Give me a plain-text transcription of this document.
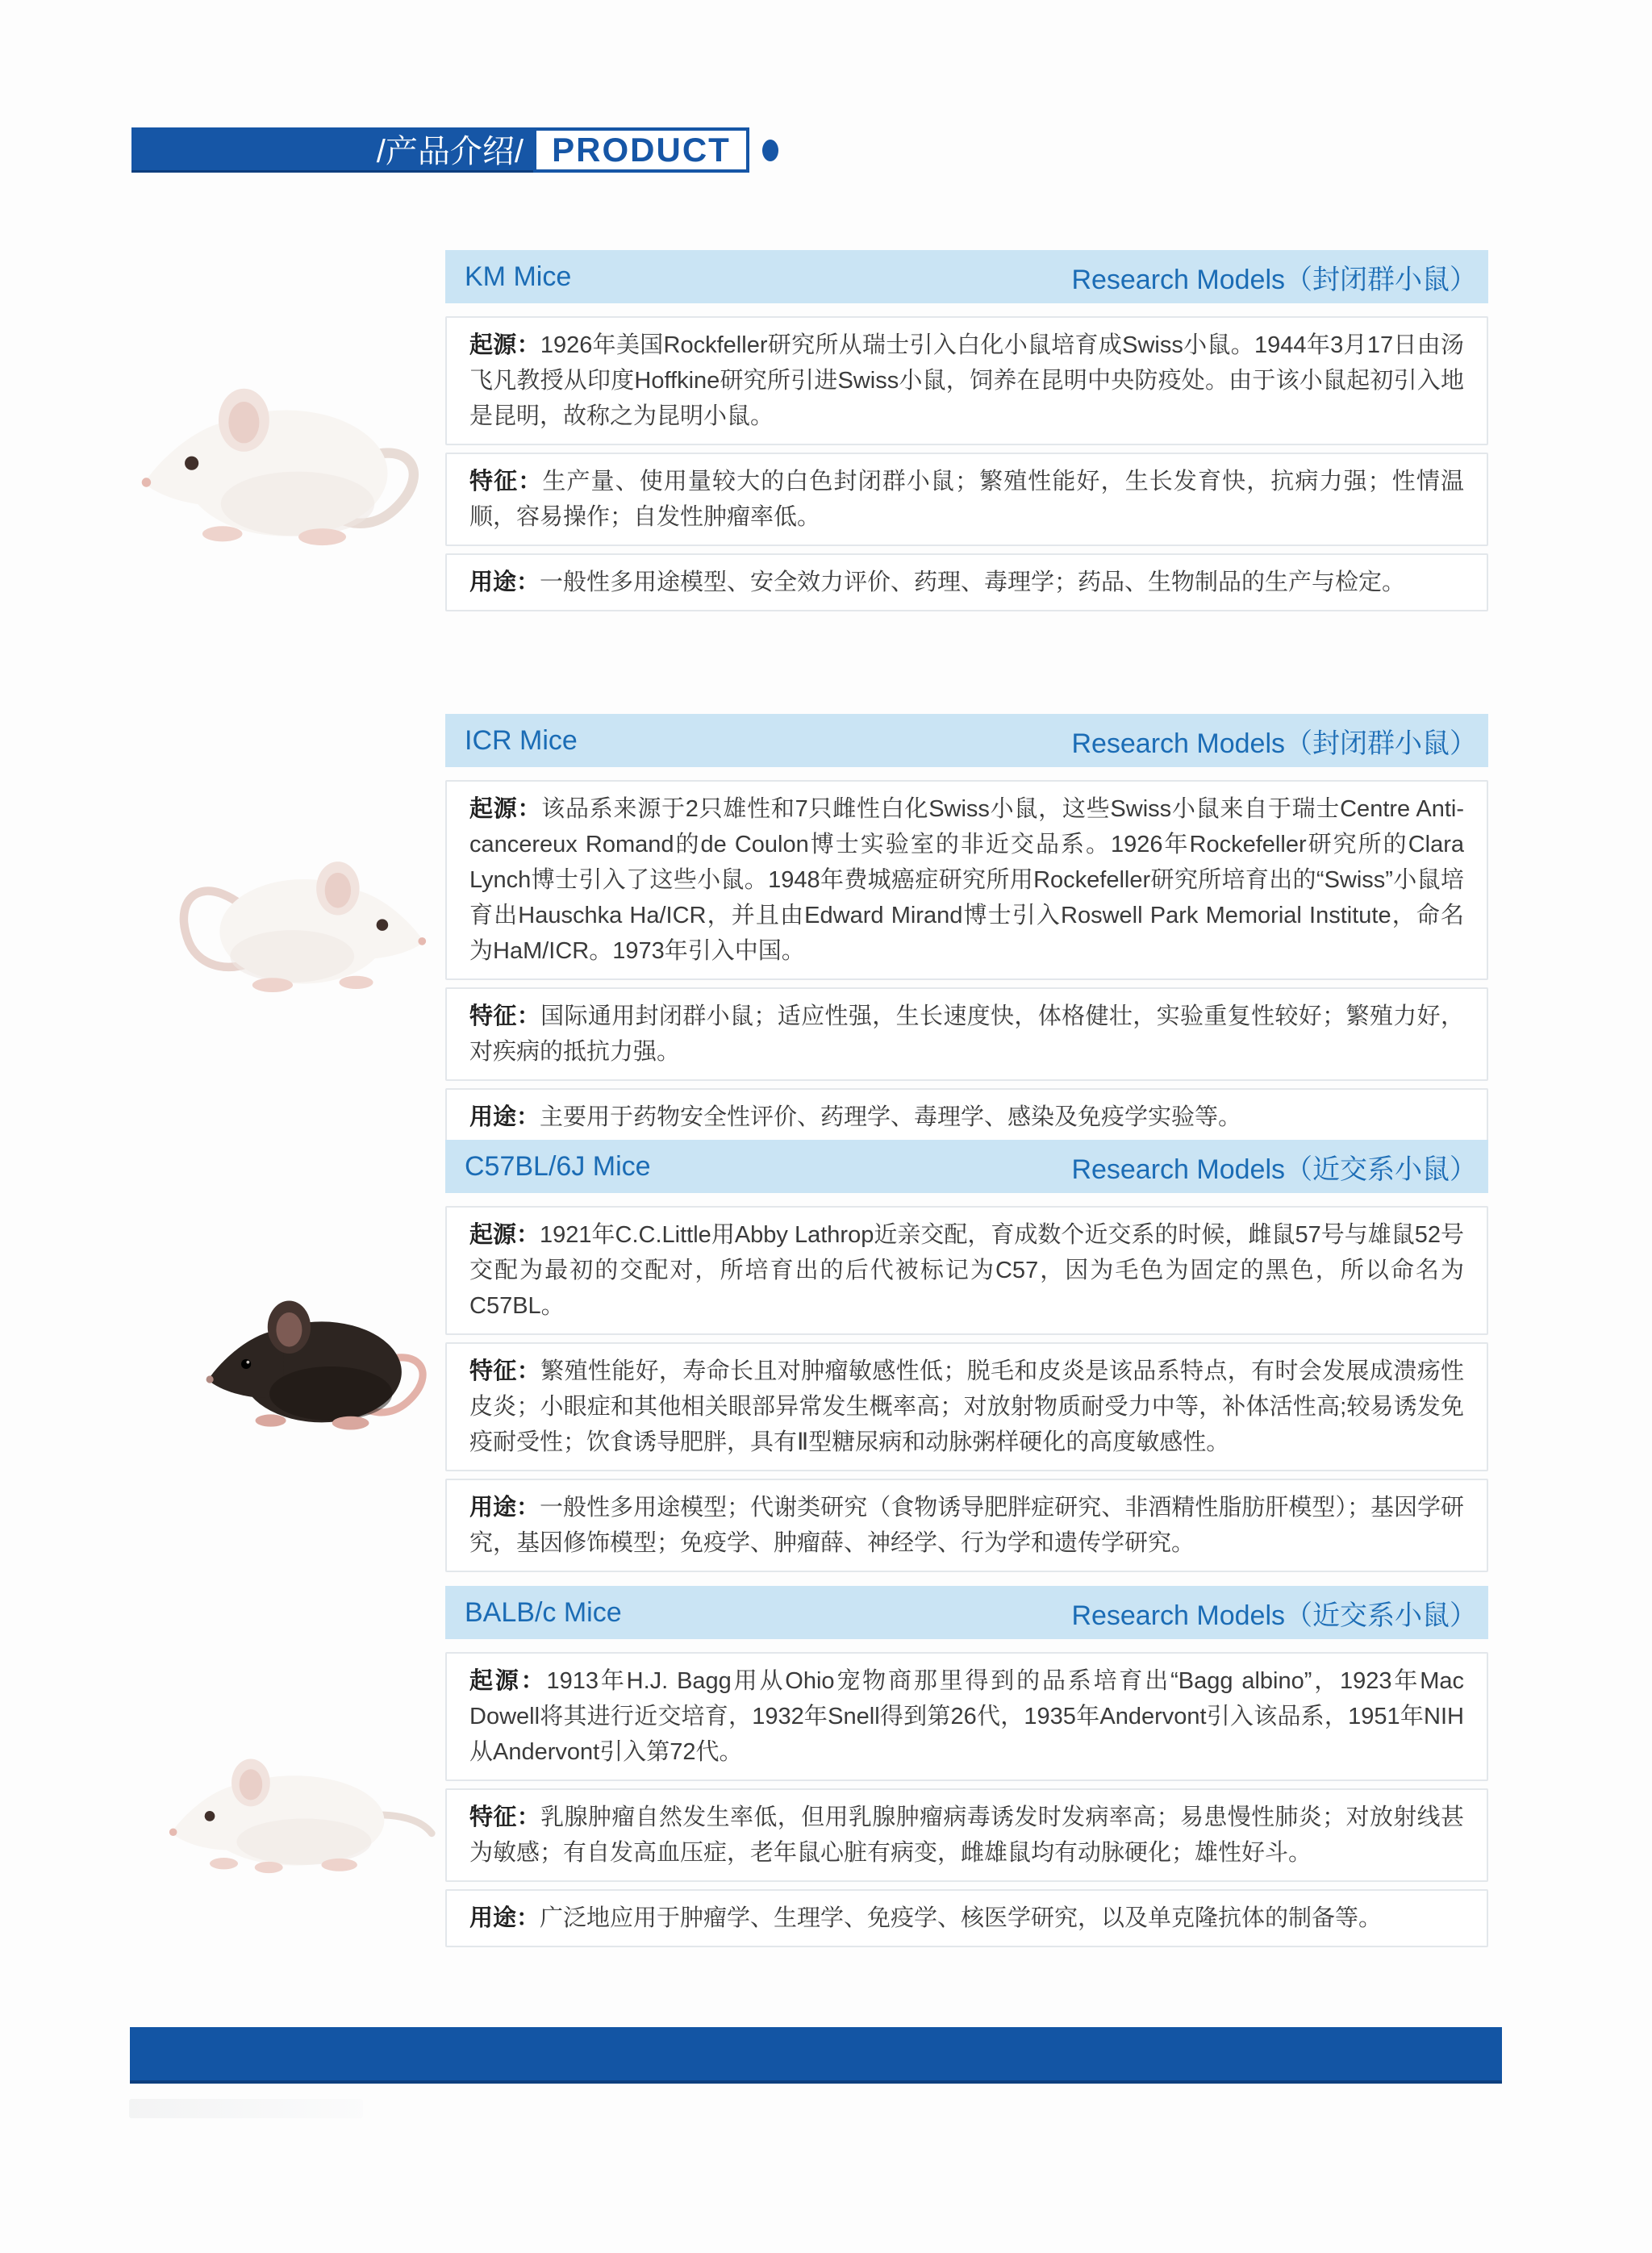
/产品介绍/ PRODUCT
KM Mice	Research Models（封闭群小鼠）
起源：1926年美国Rockfeller研究所从瑞士引入白化小鼠培育成Swiss小鼠。1944年3月17日由汤飞凡教授从印度Hoffkine研究所引进Swiss小鼠，饲养在昆明中央防疫处。由于该小鼠起初引入地是昆明，故称之为昆明小鼠。
特征：生产量、使用量较大的白色封闭群小鼠；繁殖性能好，生长发育快，抗病力强；性情温顺，容易操作；自发性肿瘤率低。
用途：一般性多用途模型、安全效力评价、药理、毒理学；药品、生物制品的生产与检定。
ICR Mice	Research Models（封闭群小鼠）
起源：该品系来源于2只雄性和7只雌性白化Swiss小鼠，这些Swiss小鼠来自于瑞士Centre Anti-cancereux Romand的de Coulon博士实验室的非近交品系。1926年Rockefeller研究所的Clara Lynch博士引入了这些小鼠。1948年费城癌症研究所用Rockefeller研究所培育出的“Swiss”小鼠培育出Hauschka Ha/ICR，并且由Edward Mirand博士引入Roswell Park Memorial Institute，命名为HaM/ICR。1973年引入中国。
特征：国际通用封闭群小鼠；适应性强，生长速度快，体格健壮，实验重复性较好；繁殖力好，对疾病的抵抗力强。
用途：主要用于药物安全性评价、药理学、毒理学、感染及免疫学实验等。
C57BL/6J Mice	Research Models（近交系小鼠）
起源：1921年C.C.Little用Abby Lathrop近亲交配，育成数个近交系的时候，雌鼠57号与雄鼠52号交配为最初的交配对，所培育出的后代被标记为C57，因为毛色为固定的黑色，所以命名为C57BL。
特征：繁殖性能好，寿命长且对肿瘤敏感性低；脱毛和皮炎是该品系特点，有时会发展成溃疡性皮炎；小眼症和其他相关眼部异常发生概率高；对放射物质耐受力中等，补体活性高;较易诱发免疫耐受性；饮食诱导肥胖，具有Ⅱ型糖尿病和动脉粥样硬化的高度敏感性。
用途：一般性多用途模型；代谢类研究（食物诱导肥胖症研究、非酒精性脂肪肝模型）；基因学研究，基因修饰模型；免疫学、肿瘤薛、神经学、行为学和遗传学研究。
BALB/c Mice	Research Models（近交系小鼠）
起源：1913年H.J. Bagg用从Ohio宠物商那里得到的品系培育出“Bagg albino”，1923年Mac Dowell将其进行近交培育，1932年Snell得到第26代，1935年Andervont引入该品系，1951年NIH从Andervont引入第72代。
特征：乳腺肿瘤自然发生率低，但用乳腺肿瘤病毒诱发时发病率高；易患慢性肺炎；对放射线甚为敏感；有自发高血压症，老年鼠心脏有病变，雌雄鼠均有动脉硬化；雄性好斗。
用途：广泛地应用于肿瘤学、生理学、免疫学、核医学研究，以及单克隆抗体的制备等。
